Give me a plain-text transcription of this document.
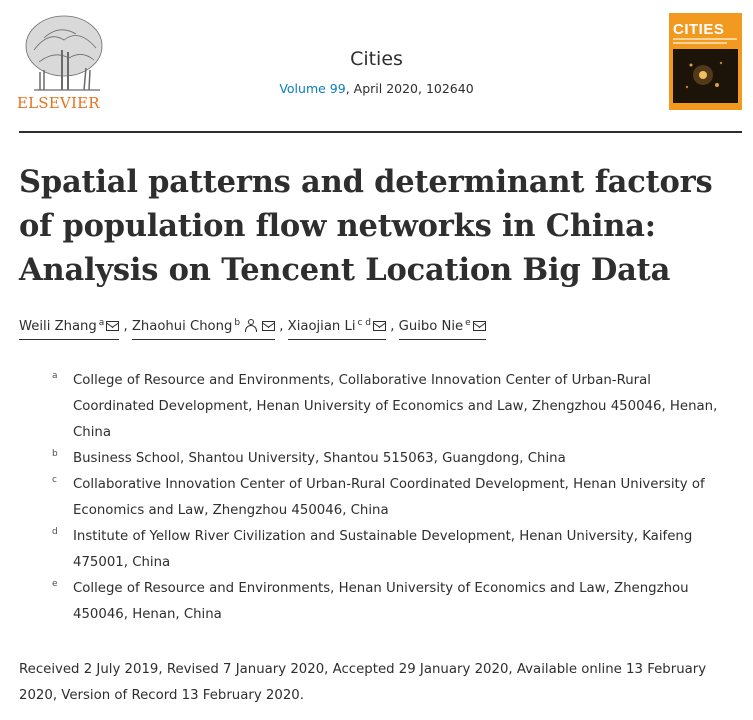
ELSEVIER
Cities
Volume 99, April 2020, 102640
CITIES
Spatial patterns and determinant factors of population flow networks in China: Analysis on Tencent Location Big Data
Weili Zhang $^a$ , Zhaohui Chong $^b$	, Xiaojian Li $^{c d}$ , Guibo Nie $^e$
a College of Resource and Environments, Collaborative Innovation Center of Urban-Rural Coordinated Development, Henan University of Economics and Law, Zhengzhou 450046, Henan, China
b Business School, Shantou University, Shantou 515063, Guangdong, China
c Collaborative Innovation Center of Urban-Rural Coordinated Development, Henan University of Economics and Law, Zhengzhou 450046, China
d Institute of Yellow River Civilization and Sustainable Development, Henan University, Kaifeng 475001, China
e College of Resource and Environments, Henan University of Economics and Law, Zhengzhou 450046, Henan, China
Received 2 July 2019, Revised 7 January 2020, Accepted 29 January 2020, Available online 13 February 2020, Version of Record 13 February 2020.
